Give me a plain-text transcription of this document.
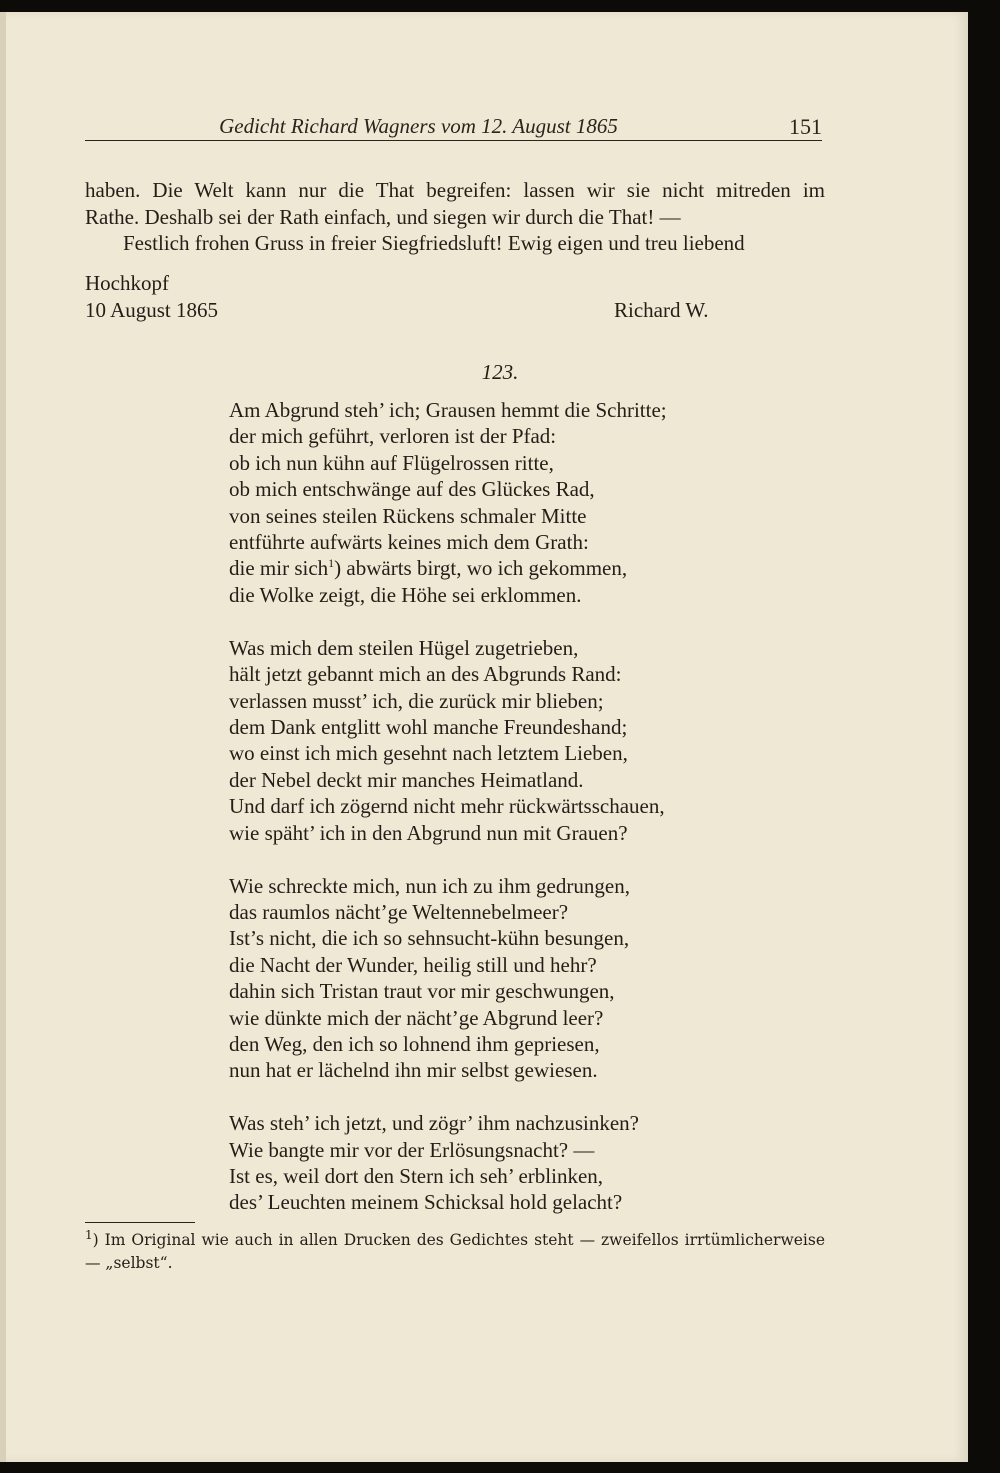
Gedicht Richard Wagners vom 12. August 1865	151

haben. Die Welt kann nur die That begreifen: lassen wir sie nicht mitreden im

Rathe. Deshalb sei der Rath einfach, und siegen wir durch die That! —

Festlich frohen Gruss in freier Siegfriedsluft! Ewig eigen und treu liebend

Hochkopf
10 August 1865	Richard W.
123.
Am Abgrund steh’ ich; Grausen hemmt die Schritte;
der mich geführt, verloren ist der Pfad:
ob ich nun kühn auf Flügelrossen ritte,
ob mich entschwänge auf des Glückes Rad,
von seines steilen Rückens schmaler Mitte
entführte aufwärts keines mich dem Grath:
die mir sich$^1$) abwärts birgt, wo ich gekommen,
die Wolke zeigt, die Höhe sei erklommen.
Was mich dem steilen Hügel zugetrieben,
hält jetzt gebannt mich an des Abgrunds Rand:
verlassen musst’ ich, die zurück mir blieben;
dem Dank entglitt wohl manche Freundeshand;
wo einst ich mich gesehnt nach letztem Lieben,
der Nebel deckt mir manches Heimatland.
Und darf ich zögernd nicht mehr rückwärtsschauen,
wie späht’ ich in den Abgrund nun mit Grauen?
Wie schreckte mich, nun ich zu ihm gedrungen,
das raumlos nächt’ge Weltennebelmeer?
Ist’s nicht, die ich so sehnsucht-kühn besungen,
die Nacht der Wunder, heilig still und hehr?
dahin sich Tristan traut vor mir geschwungen,
wie dünkte mich der nächt’ge Abgrund leer?
den Weg, den ich so lohnend ihm gepriesen,
nun hat er lächelnd ihn mir selbst gewiesen.
Was steh’ ich jetzt, und zögr’ ihm nachzusinken?
Wie bangte mir vor der Erlösungsnacht? —
Ist es, weil dort den Stern ich seh’ erblinken,
des’ Leuchten meinem Schicksal hold gelacht?

$^1$) Im Original wie auch in allen Drucken des Gedichtes steht — zweifellos irrtümlicherweise — „selbst“.
